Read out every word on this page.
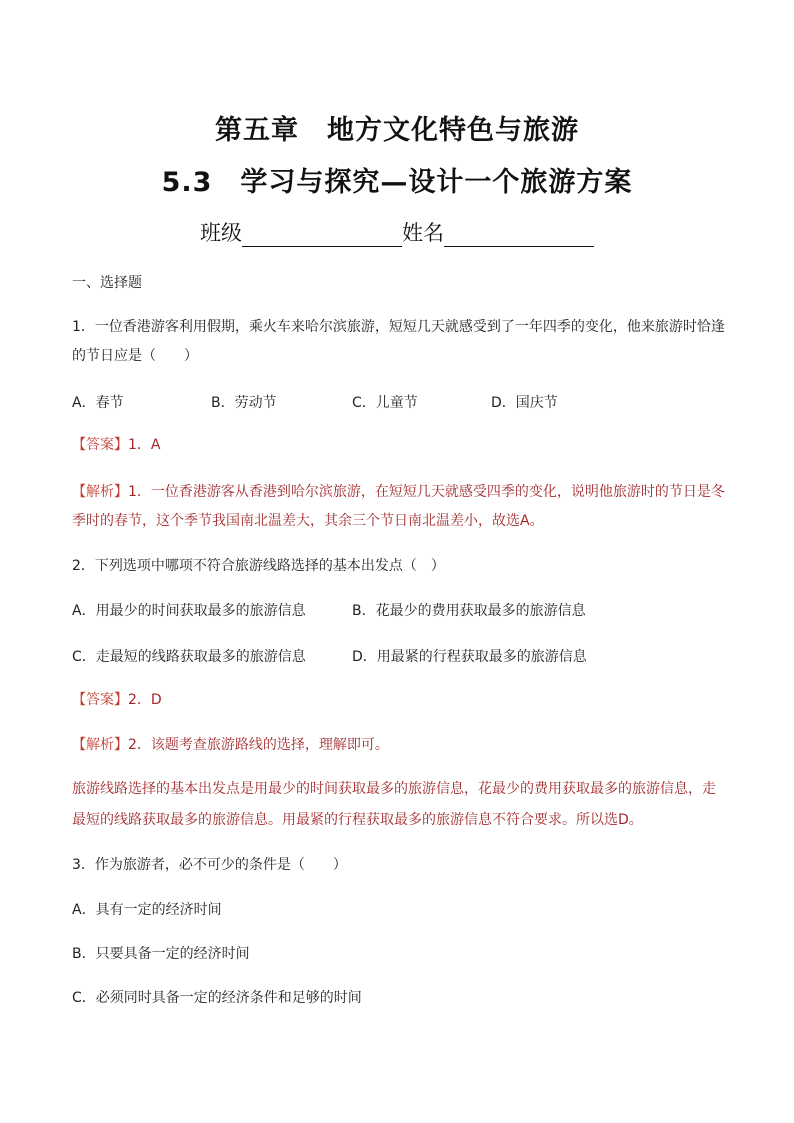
第五章　地方文化特色与旅游
5.3　学习与探究—设计一个旅游方案
班级	姓名
一、选择题
1．一位香港游客利用假期，乘火车来哈尔滨旅游，短短几天就感受到了一年四季的变化，他来旅游时恰逢
的节日应是（　　）
A．春节	B．劳动节	C．儿童节	D．国庆节
【答案】1．A
【解析】1．一位香港游客从香港到哈尔滨旅游，在短短几天就感受四季的变化，说明他旅游时的节日是冬
季时的春节，这个季节我国南北温差大，其余三个节日南北温差小，故选A。
2．下列选项中哪项不符合旅游线路选择的基本出发点（　）
A．用最少的时间获取最多的旅游信息	B．花最少的费用获取最多的旅游信息
C．走最短的线路获取最多的旅游信息	D．用最紧的行程获取最多的旅游信息
【答案】2．D
【解析】2．该题考查旅游路线的选择，理解即可。
旅游线路选择的基本出发点是用最少的时间获取最多的旅游信息，花最少的费用获取最多的旅游信息，走
最短的线路获取最多的旅游信息。用最紧的行程获取最多的旅游信息不符合要求。所以选D。
3．作为旅游者，必不可少的条件是（　　）
A．具有一定的经济时间
B．只要具备一定的经济时间
C．必须同时具备一定的经济条件和足够的时间
